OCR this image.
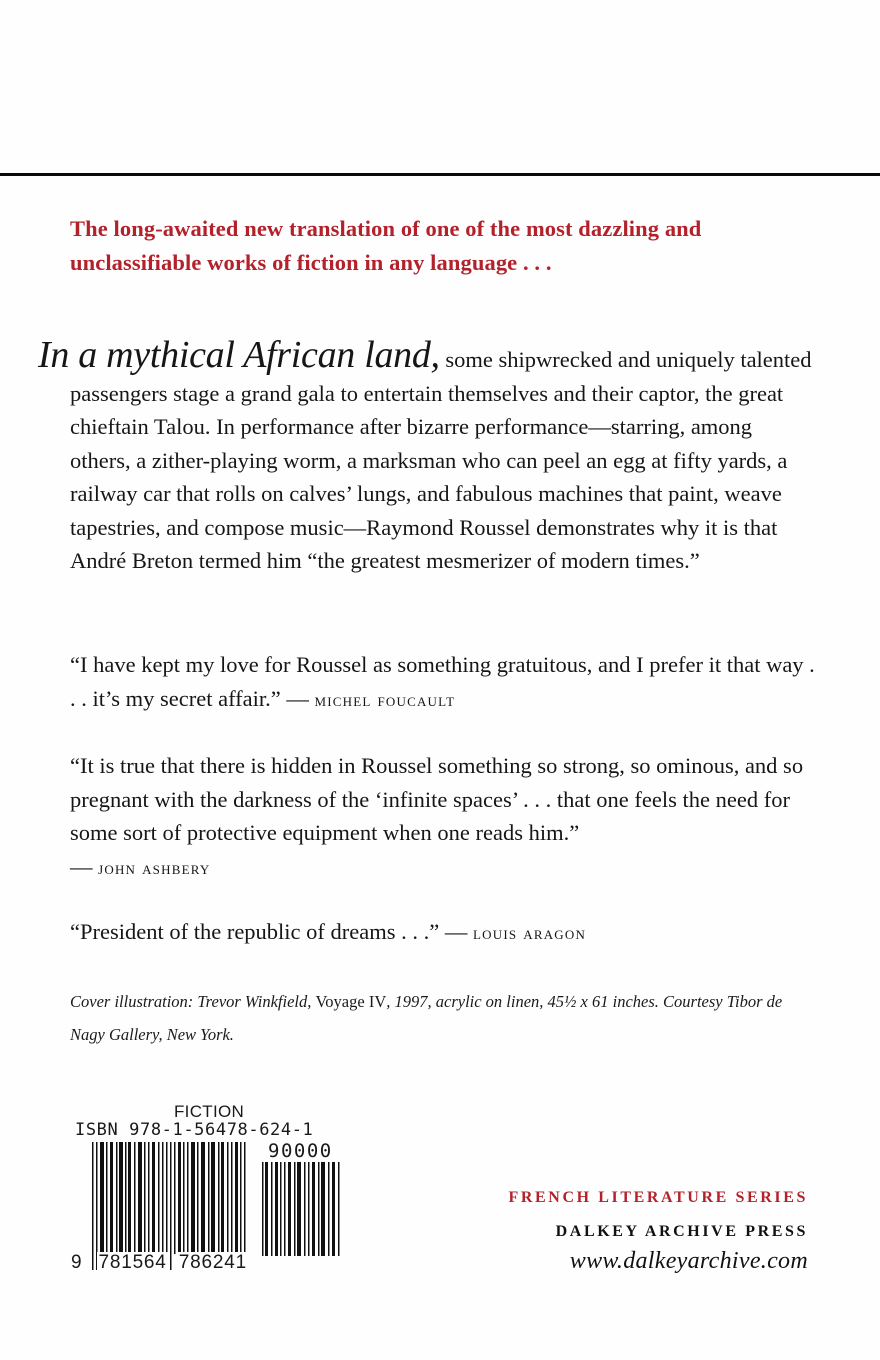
The long-awaited new translation of one of the most dazzling and
unclassifiable works of fiction in any language . . .
In a mythical African land, some shipwrecked and uniquely talented passengers stage a grand gala to entertain themselves and their captor, the great chieftain Talou. In performance after bizarre performance—starring, among others, a zither-playing worm, a marksman who can peel an egg at fifty yards, a railway car that rolls on calves’ lungs, and fabulous machines that paint, weave tapestries, and compose music—Raymond Roussel demonstrates why it is that André Breton termed him “the greatest mesmerizer of modern times.”
“I have kept my love for Roussel as something gratuitous, and I prefer it that way . . . it’s my secret affair.” — michel foucault
“It is true that there is hidden in Roussel something so strong, so ominous, and so pregnant with the darkness of the ‘infinite spaces’ . . . that one feels the need for some sort of protective equipment when one reads him.”
— john ashbery
“President of the republic of dreams . . .” — louis aragon
Cover illustration: Trevor Winkfield, Voyage IV, 1997, acrylic on linen, 45½ x 61 inches. Courtesy Tibor de Nagy Gallery, New York.
FICTION
ISBN 978-1-56478-624-1
90000
9 781564 786241
FRENCH LITERATURE SERIES
DALKEY ARCHIVE PRESS
www.dalkeyarchive.com
